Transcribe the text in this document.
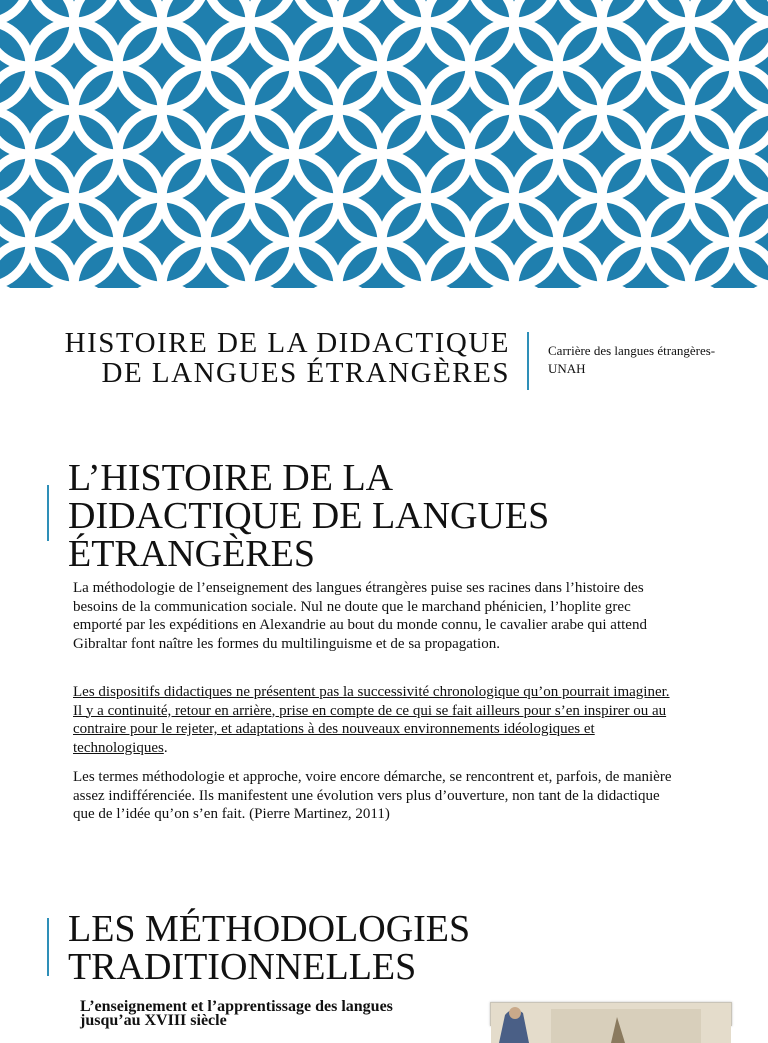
HISTOIRE DE LA DIDACTIQUE
DE LANGUES ÉTRANGÈRES
Carrière des langues étrangères-
UNAH
L’HISTOIRE DE LA
DIDACTIQUE DE LANGUES
ÉTRANGÈRES

La méthodologie de l’enseignement des langues étrangères puise ses racines dans l’histoire des besoins de la communication sociale. Nul ne doute que le marchand phénicien, l’hoplite grec emporté par les expéditions en Alexandrie au bout du monde connu, le cavalier arabe qui attend Gibraltar font naître les formes du multilinguisme et de sa propagation.

Les dispositifs didactiques ne présentent pas la successivité chronologique qu’on pourrait imaginer. Il y a continuité, retour en arrière, prise en compte de ce qui se fait ailleurs pour s’en inspirer ou au contraire pour le rejeter, et adaptations à des nouveaux environnements idéologiques et technologiques.

Les termes méthodologie et approche, voire encore démarche, se rencontrent et, parfois, de manière assez indifférenciée. Ils manifestent une évolution vers plus d’ouverture, non tant de la didactique que de l’idée qu’on s’en fait. (Pierre Martinez, 2011)

LES MÉTHODOLOGIES
TRADITIONNELLES

L’enseignement et l’apprentissage des langues

jusqu’au XVIII siècle
